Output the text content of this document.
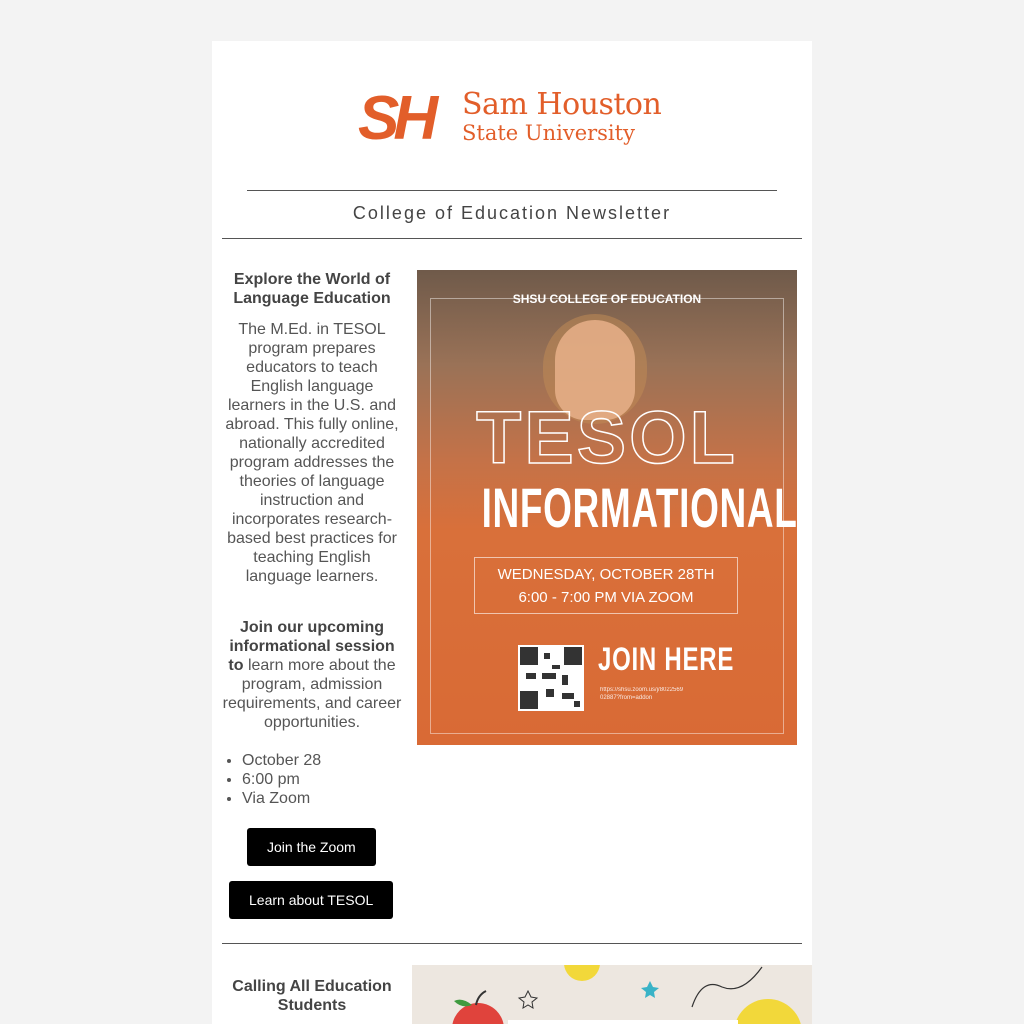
SH Sam Houston
State University
College of Education Newsletter
Explore the World of Language Education
The M.Ed. in TESOL program prepares educators to teach English language learners in the U.S. and abroad. This fully online, nationally accredited program addresses the theories of language instruction and incorporates research-based best practices for teaching English language learners.
Join our upcoming informational session to learn more about the program, admission requirements, and career opportunities.
• October 28
• 6:00 pm
• Via Zoom
Join the Zoom
Learn about TESOL
SHSU COLLEGE OF EDUCATION
TESOL
INFORMATIONAL
WEDNESDAY, OCTOBER 28TH
6:00 - 7:00 PM VIA ZOOM
JOIN HERE
https://shsu.zoom.us/j/8022569 02887?from=addon
Calling All Education Students
